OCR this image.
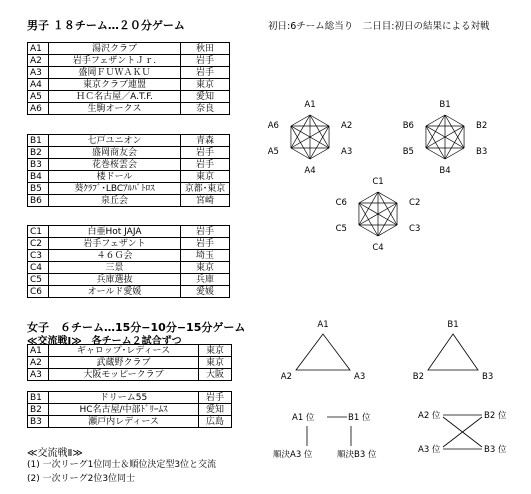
男子 １８チーム…２０分ゲーム	初日:6チーム総当り　二日目:初日の結果による対戦
A1	湯沢クラブ	秋田
A2	岩手フェザントＪｒ.	岩手
A3	盛岡ＦＵＷＡＫＵ	岩手
A4	東京クラブ連盟	東京
A5	ＨＣ名古屋／A.T.F.	愛知
A6	生駒オークス	奈良
B1	七戸ユニオン	青森
B2	盛岡商友会	岩手
B3	花巻桜雲会	岩手
B4	楼ドール	東京
B5	葵ｸﾗﾌﾞ･LBCｱﾙﾊﾞﾄﾛｽ	京都･東京
B6	泉丘会	宮崎
C1	白亜Hot JAJA	岩手
C2	岩手フェザント	岩手
C3	４６Ｇ会	埼玉
C4	三景	東京
C5	兵庫選抜	兵庫
C6	オールド愛媛	愛媛
女子　６チーム…15分−10分−15分ゲーム
≪交流戦Ⅰ≫　各チーム２試合ずつ
A1	ギャロップ･レディース	東京
A2	武蔵野クラブ	東京
A3	大阪モッピークラブ	大阪
B1	ドリーム55	岩手
B2	HC名古屋/中部ﾄﾞﾘｰﾑｽ	愛知
B3	瀬戸内レディース	広島
≪交流戦Ⅱ≫
(1) 一次リーグ1位同士＆順位決定型3位と交流
(2) 一次リーグ2位3位同士
A1
A2
A3
A4
A5
A6
B1
B2
B3
B4
B5
B6
C1
C2
C3
C4
C5
C6
A1
A2	A3
B1
B2	B3
A1 位	B1 位
順決A3 位	順決B3 位
A2 位	B2 位
A3 位	B3 位
